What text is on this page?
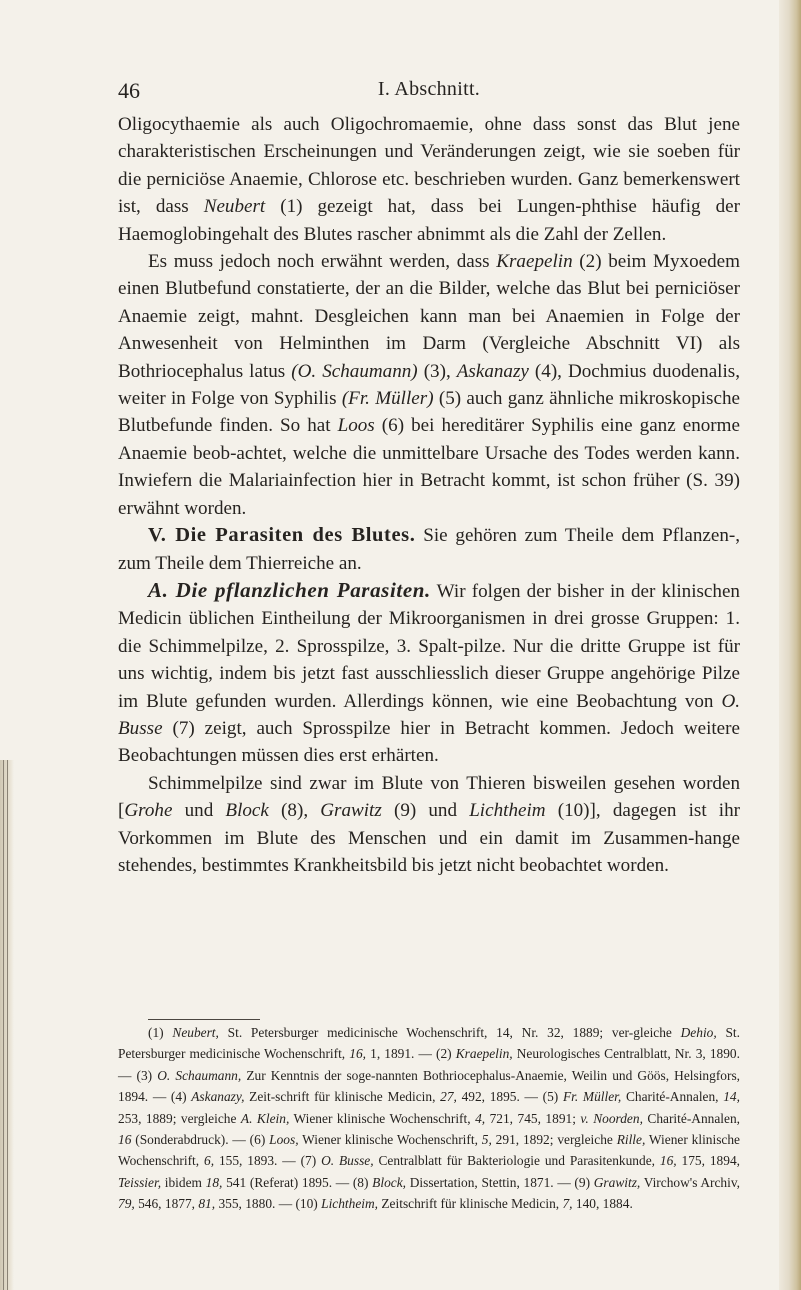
46	I. Abschnitt.

Oligocythaemie als auch Oligochromaemie, ohne dass sonst das Blut jene charakteristischen Erscheinungen und Veränderungen zeigt, wie sie soeben für die perniciöse Anaemie, Chlorose etc. beschrieben wurden. Ganz bemerkenswert ist, dass Neubert (1) gezeigt hat, dass bei Lungen-phthise häufig der Haemoglobingehalt des Blutes rascher abnimmt als die Zahl der Zellen.

Es muss jedoch noch erwähnt werden, dass Kraepelin (2) beim Myxoedem einen Blutbefund constatierte, der an die Bilder, welche das Blut bei perniciöser Anaemie zeigt, mahnt. Desgleichen kann man bei Anaemien in Folge der Anwesenheit von Helminthen im Darm (Vergleiche Abschnitt VI) als Bothriocephalus latus (O. Schaumann) (3), Askanazy (4), Dochmius duodenalis, weiter in Folge von Syphilis (Fr. Müller) (5) auch ganz ähnliche mikroskopische Blutbefunde finden. So hat Loos (6) bei hereditärer Syphilis eine ganz enorme Anaemie beob-achtet, welche die unmittelbare Ursache des Todes werden kann. Inwiefern die Malariainfection hier in Betracht kommt, ist schon früher (S. 39) erwähnt worden.

V. Die Parasiten des Blutes. Sie gehören zum Theile dem Pflanzen-, zum Theile dem Thierreiche an.

A. Die pflanzlichen Parasiten. Wir folgen der bisher in der klinischen Medicin üblichen Eintheilung der Mikroorganismen in drei grosse Gruppen: 1. die Schimmelpilze, 2. Sprosspilze, 3. Spalt-pilze. Nur die dritte Gruppe ist für uns wichtig, indem bis jetzt fast ausschliesslich dieser Gruppe angehörige Pilze im Blute gefunden wurden. Allerdings können, wie eine Beobachtung von O. Busse (7) zeigt, auch Sprosspilze hier in Betracht kommen. Jedoch weitere Beobachtungen müssen dies erst erhärten.

Schimmelpilze sind zwar im Blute von Thieren bisweilen gesehen worden [Grohe und Block (8), Grawitz (9) und Lichtheim (10)], dagegen ist ihr Vorkommen im Blute des Menschen und ein damit im Zusammen-hange stehendes, bestimmtes Krankheitsbild bis jetzt nicht beobachtet worden.

(1) Neubert, St. Petersburger medicinische Wochenschrift, 14, Nr. 32, 1889; ver-gleiche Dehio, St. Petersburger medicinische Wochenschrift, 16, 1, 1891. — (2) Kraepelin, Neurologisches Centralblatt, Nr. 3, 1890. — (3) O. Schaumann, Zur Kenntnis der soge-nannten Bothriocephalus-Anaemie, Weilin und Göös, Helsingfors, 1894. — (4) Askanazy, Zeit-schrift für klinische Medicin, 27, 492, 1895. — (5) Fr. Müller, Charité-Annalen, 14, 253, 1889; vergleiche A. Klein, Wiener klinische Wochenschrift, 4, 721, 745, 1891; v. Noorden, Charité-Annalen, 16 (Sonderabdruck). — (6) Loos, Wiener klinische Wochenschrift, 5, 291, 1892; vergleiche Rille, Wiener klinische Wochenschrift, 6, 155, 1893. — (7) O. Busse, Centralblatt für Bakteriologie und Parasitenkunde, 16, 175, 1894, Teissier, ibidem 18, 541 (Referat) 1895. — (8) Block, Dissertation, Stettin, 1871. — (9) Grawitz, Virchow's Archiv, 79, 546, 1877, 81, 355, 1880. — (10) Lichtheim, Zeitschrift für klinische Medicin, 7, 140, 1884.
